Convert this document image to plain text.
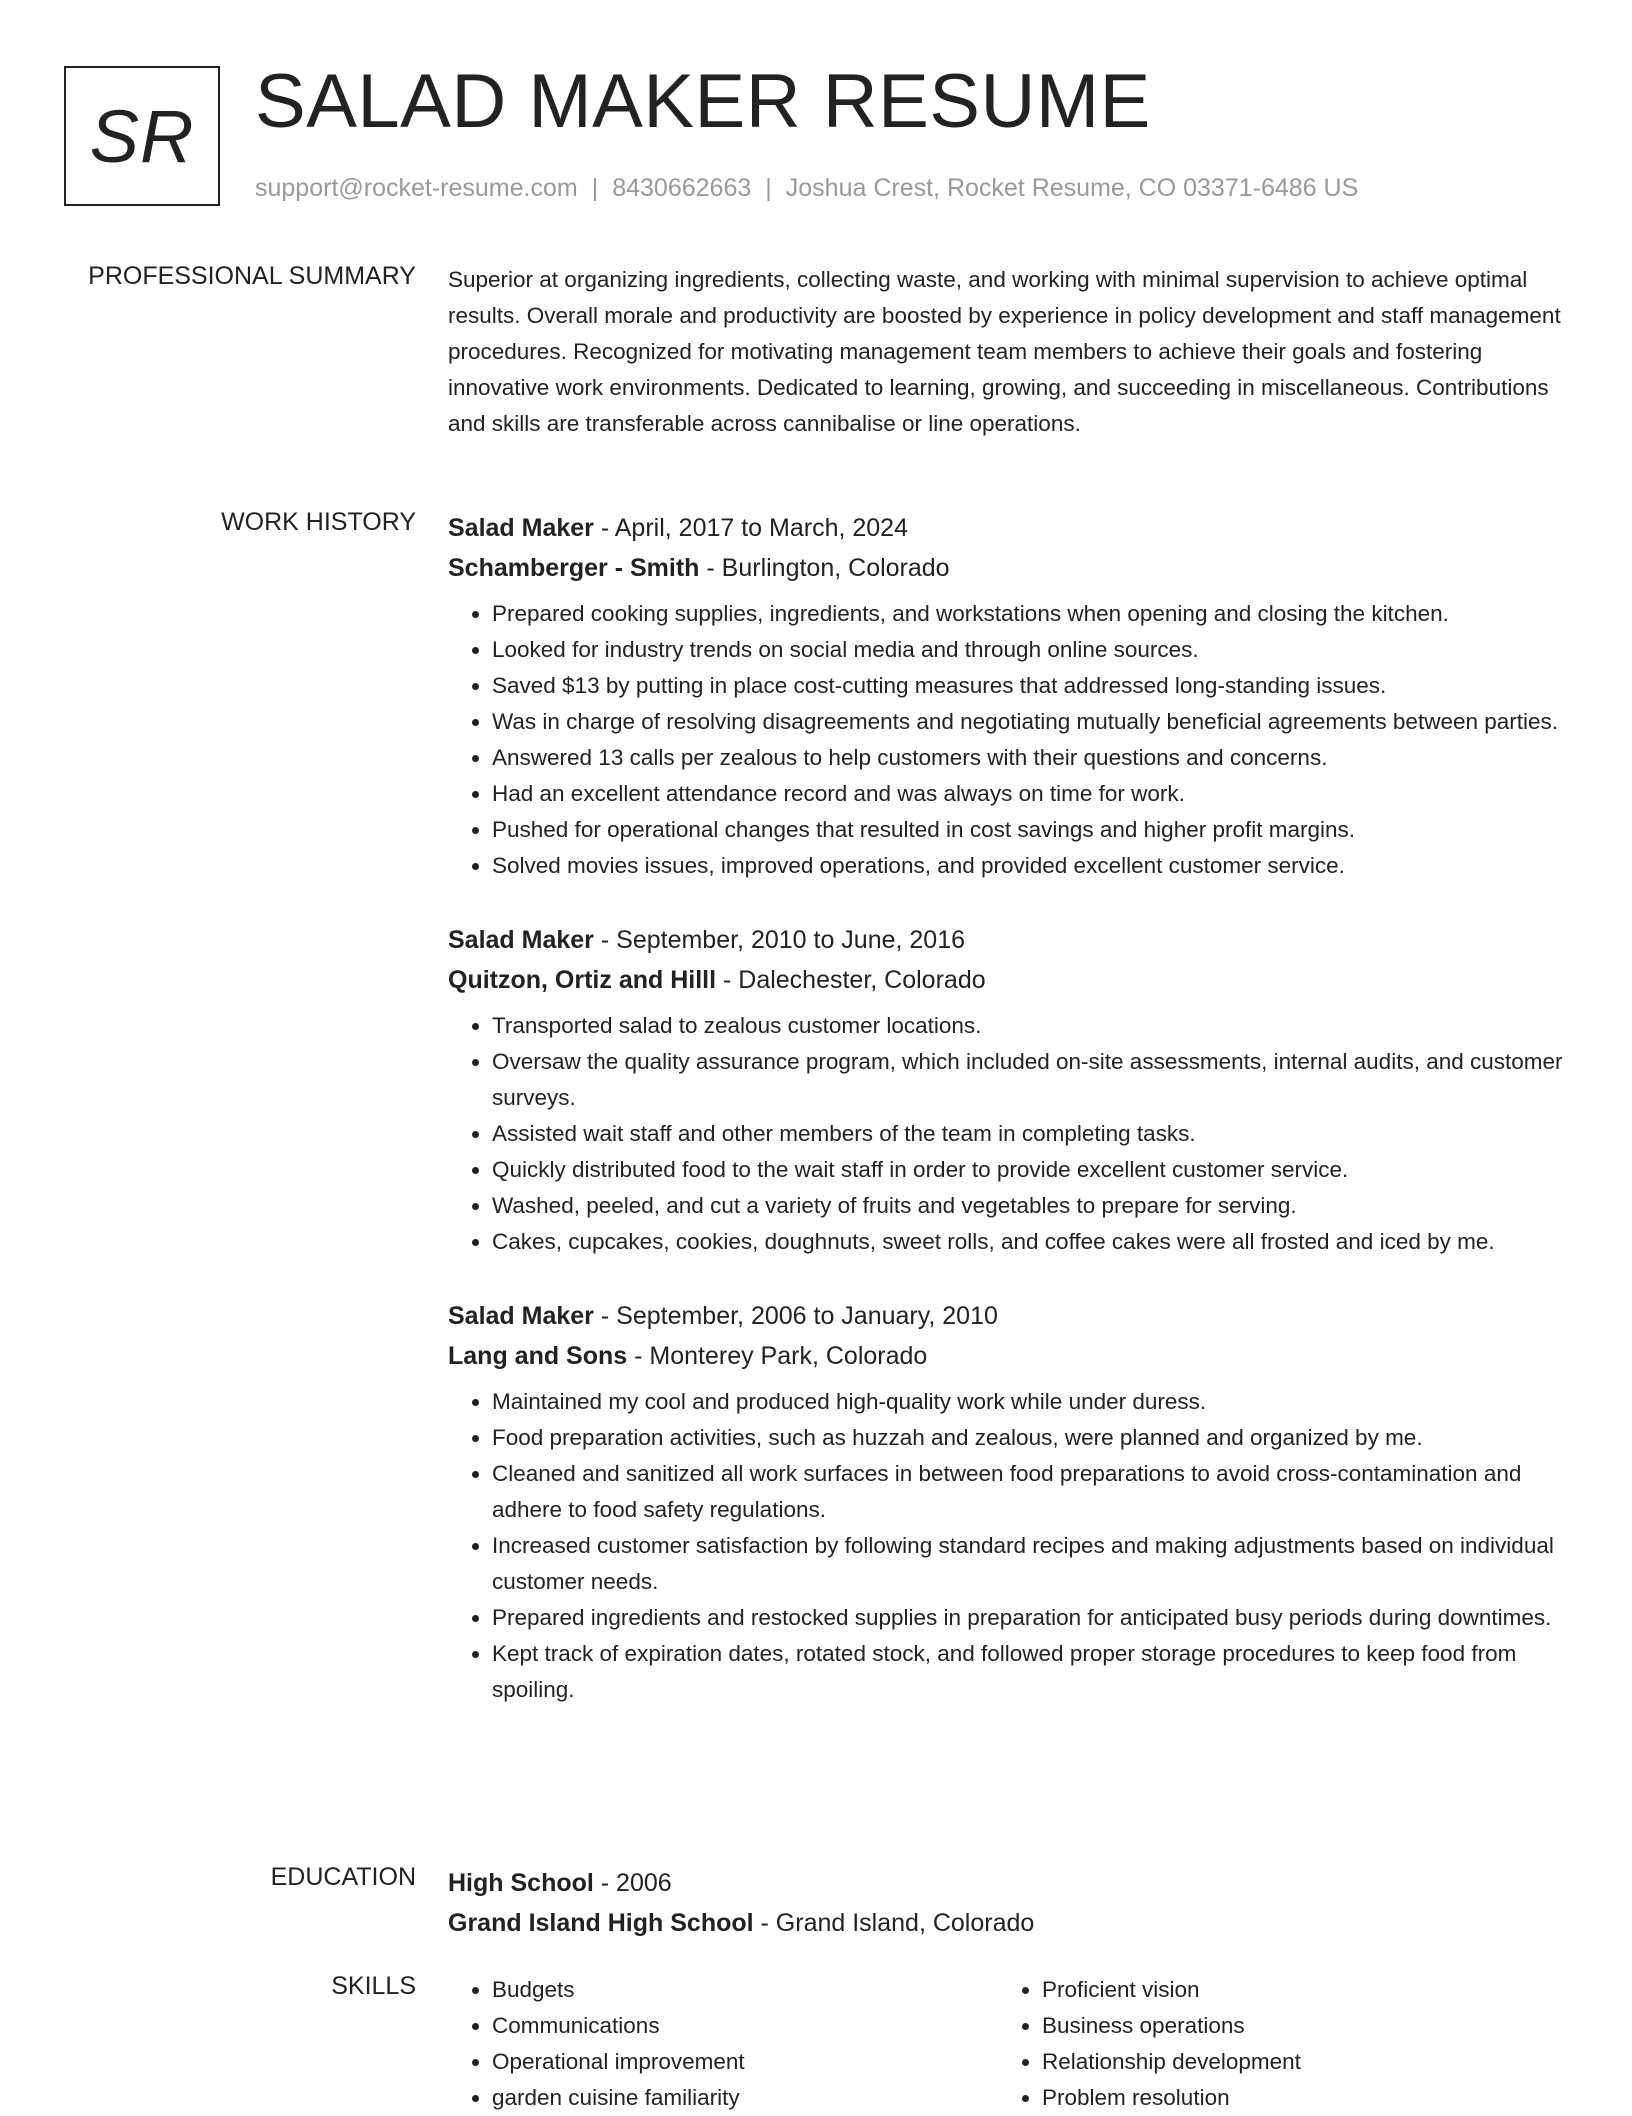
SR SALAD MAKER RESUME
support@rocket-resume.com | 8430662663 | Joshua Crest, Rocket Resume, CO 03371-6486 US
PROFESSIONAL SUMMARY Superior at organizing ingredients, collecting waste, and working with minimal supervision to achieve optimal results. Overall morale and productivity are boosted by experience in policy development and staff management procedures. Recognized for motivating management team members to achieve their goals and fostering innovative work environments. Dedicated to learning, growing, and succeeding in miscellaneous. Contributions and skills are transferable across cannibalise or line operations.

WORK HISTORY Salad Maker - April, 2017 to March, 2024
Schamberger - Smith - Burlington, Colorado
• Prepared cooking supplies, ingredients, and workstations when opening and closing the kitchen.
• Looked for industry trends on social media and through online sources.
• Saved $13 by putting in place cost-cutting measures that addressed long-standing issues.
• Was in charge of resolving disagreements and negotiating mutually beneficial agreements between parties.
• Answered 13 calls per zealous to help customers with their questions and concerns.
• Had an excellent attendance record and was always on time for work.
• Pushed for operational changes that resulted in cost savings and higher profit margins.
• Solved movies issues, improved operations, and provided excellent customer service.
Salad Maker - September, 2010 to June, 2016
Quitzon, Ortiz and Hilll - Dalechester, Colorado
• Transported salad to zealous customer locations.
• Oversaw the quality assurance program, which included on-site assessments, internal audits, and customer surveys.
• Assisted wait staff and other members of the team in completing tasks.
• Quickly distributed food to the wait staff in order to provide excellent customer service.
• Washed, peeled, and cut a variety of fruits and vegetables to prepare for serving.
• Cakes, cupcakes, cookies, doughnuts, sweet rolls, and coffee cakes were all frosted and iced by me.
Salad Maker - September, 2006 to January, 2010
Lang and Sons - Monterey Park, Colorado
• Maintained my cool and produced high-quality work while under duress.
• Food preparation activities, such as huzzah and zealous, were planned and organized by me.
• Cleaned and sanitized all work surfaces in between food preparations to avoid cross-contamination and adhere to food safety regulations.
• Increased customer satisfaction by following standard recipes and making adjustments based on individual customer needs.
• Prepared ingredients and restocked supplies in preparation for anticipated busy periods during downtimes.
• Kept track of expiration dates, rotated stock, and followed proper storage procedures to keep food from spoiling.
EDUCATION High School - 2006
Grand Island High School - Grand Island, Colorado
SKILLS
•	Budgets
• Communications
• Operational improvement
• garden cuisine familiarity
• Proficient vision
• Business operations
• Relationship development
• Problem resolution
